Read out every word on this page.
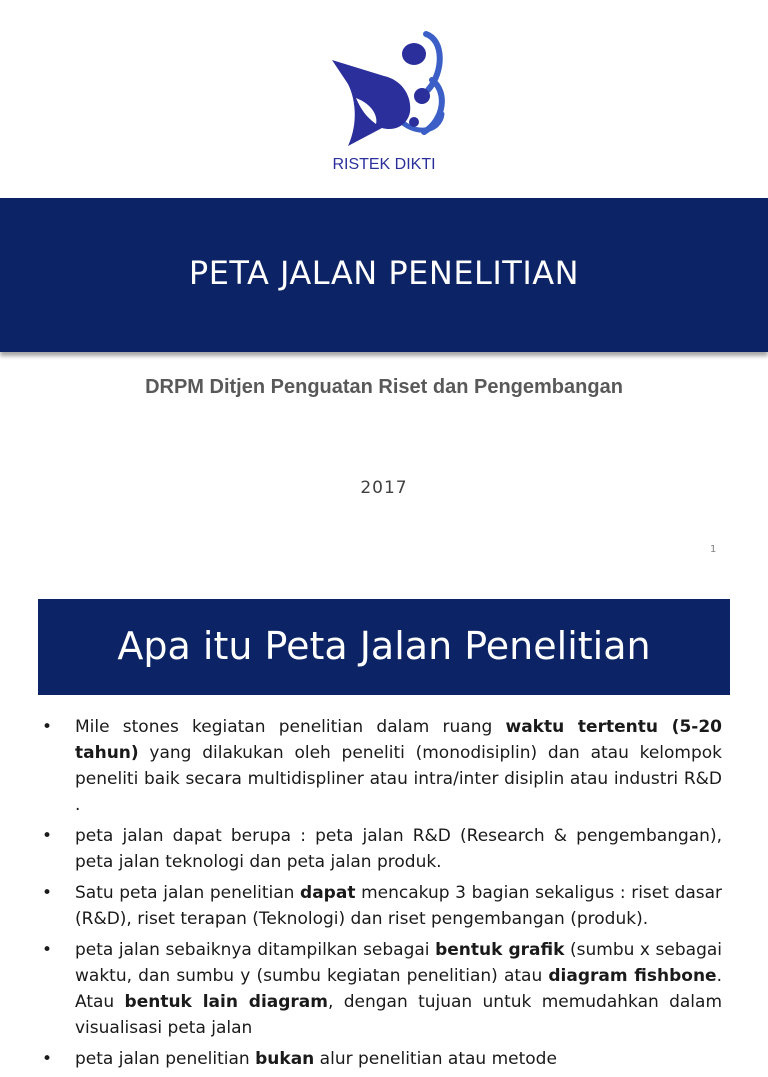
RISTEK DIKTI
PETA JALAN PENELITIAN
DRPM Ditjen Penguatan Riset dan Pengembangan
2017
1
Apa itu Peta Jalan Penelitian
• Mile stones kegiatan penelitian dalam ruang waktu tertentu (5-20 tahun) yang dilakukan oleh peneliti (monodisiplin) dan atau kelompok peneliti baik secara multidispliner atau intra/inter disiplin atau industri R&D .
• peta jalan dapat berupa : peta jalan R&D (Research & pengembangan), peta jalan teknologi dan peta jalan produk.
• Satu peta jalan penelitian dapat mencakup 3 bagian sekaligus : riset dasar (R&D), riset terapan (Teknologi) dan riset pengembangan (produk).
• peta jalan sebaiknya ditampilkan sebagai bentuk grafik (sumbu x sebagai waktu, dan sumbu y (sumbu kegiatan penelitian) atau diagram fishbone. Atau bentuk lain diagram, dengan tujuan untuk memudahkan dalam visualisasi peta jalan
• peta jalan penelitian bukan alur penelitian atau metode
